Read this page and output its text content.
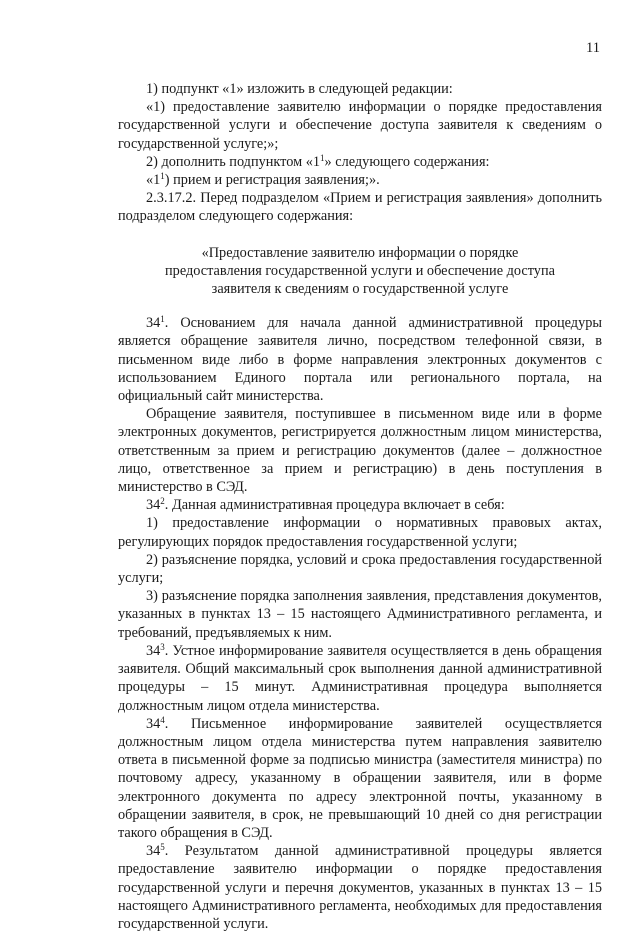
11

1) подпункт «1» изложить в следующей редакции:

«1) предоставление заявителю информации о порядке предоставления государственной услуги и обеспечение доступа заявителя к сведениям о государственной услуге;»;

2) дополнить подпунктом «$1^1$» следующего содержания:

«$1^1$) прием и регистрация заявления;».

2.3.17.2. Перед подразделом «Прием и регистрация заявления» дополнить подразделом следующего содержания:

«Предоставление заявителю информации о порядке
предоставления государственной услуги и обеспечение доступа
заявителя к сведениям о государственной услуге

$34^1$. Основанием для начала данной административной процедуры является обращение заявителя лично, посредством телефонной связи, в письменном виде либо в форме направления электронных документов с использованием Единого портала или регионального портала, на официальный сайт министерства.

Обращение заявителя, поступившее в письменном виде или в форме электронных документов, регистрируется должностным лицом министерства, ответственным за прием и регистрацию документов (далее – должностное лицо, ответственное за прием и регистрацию) в день поступления в министерство в СЭД.

$34^2$. Данная административная процедура включает в себя:

1) предоставление информации о нормативных правовых актах, регулирующих порядок предоставления государственной услуги;

2) разъяснение порядка, условий и срока предоставления государственной услуги;

3) разъяснение порядка заполнения заявления, представления документов, указанных в пунктах 13 – 15 настоящего Административного регламента, и требований, предъявляемых к ним.

$34^3$. Устное информирование заявителя осуществляется в день обращения заявителя. Общий максимальный срок выполнения данной административной процедуры – 15 минут. Административная процедура выполняется должностным лицом отдела министерства.

$34^4$. Письменное информирование заявителей осуществляется должностным лицом отдела министерства путем направления заявителю ответа в письменной форме за подписью министра (заместителя министра) по почтовому адресу, указанному в обращении заявителя, или в форме электронного документа по адресу электронной почты, указанному в обращении заявителя, в срок, не превышающий 10 дней со дня регистрации такого обращения в СЭД.

$34^5$. Результатом данной административной процедуры является предоставление заявителю информации о порядке предоставления государственной услуги и перечня документов, указанных в пунктах 13 – 15 настоящего Административного регламента, необходимых для предоставления государственной услуги.
